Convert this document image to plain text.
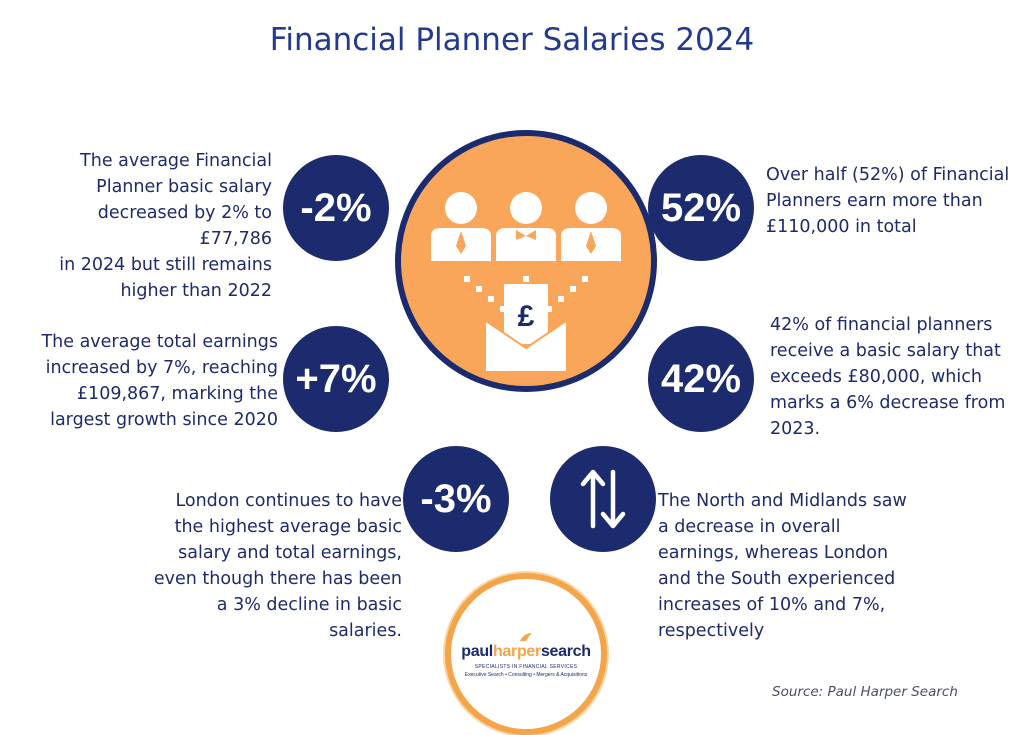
Financial Planner Salaries 2024
The average Financial
Planner basic salary
decreased by 2% to £77,786
in 2024 but still remains
higher than 2022
-2%	52%
Over half (52%) of Financial
Planners earn more than
£110,000 in total
The average total earnings
increased by 7%, reaching
£109,867, marking the
largest growth since 2020
+7%	42%
42% of financial planners
receive a basic salary that
exceeds £80,000, which
marks a 6% decrease from
2023.
-3%
London continues to have
the highest average basic
salary and total earnings,
even though there has been
a 3% decline in basic
salaries.
The North and Midlands saw
a decrease in overall
earnings, whereas London
and the South experienced
increases of 10% and 7%,
respectively
£
paulharpersearch
SPECIALISTS IN FINANCIAL SERVICES
Executive Search • Consulting • Mergers & Acquisitions
Source: Paul Harper Search
